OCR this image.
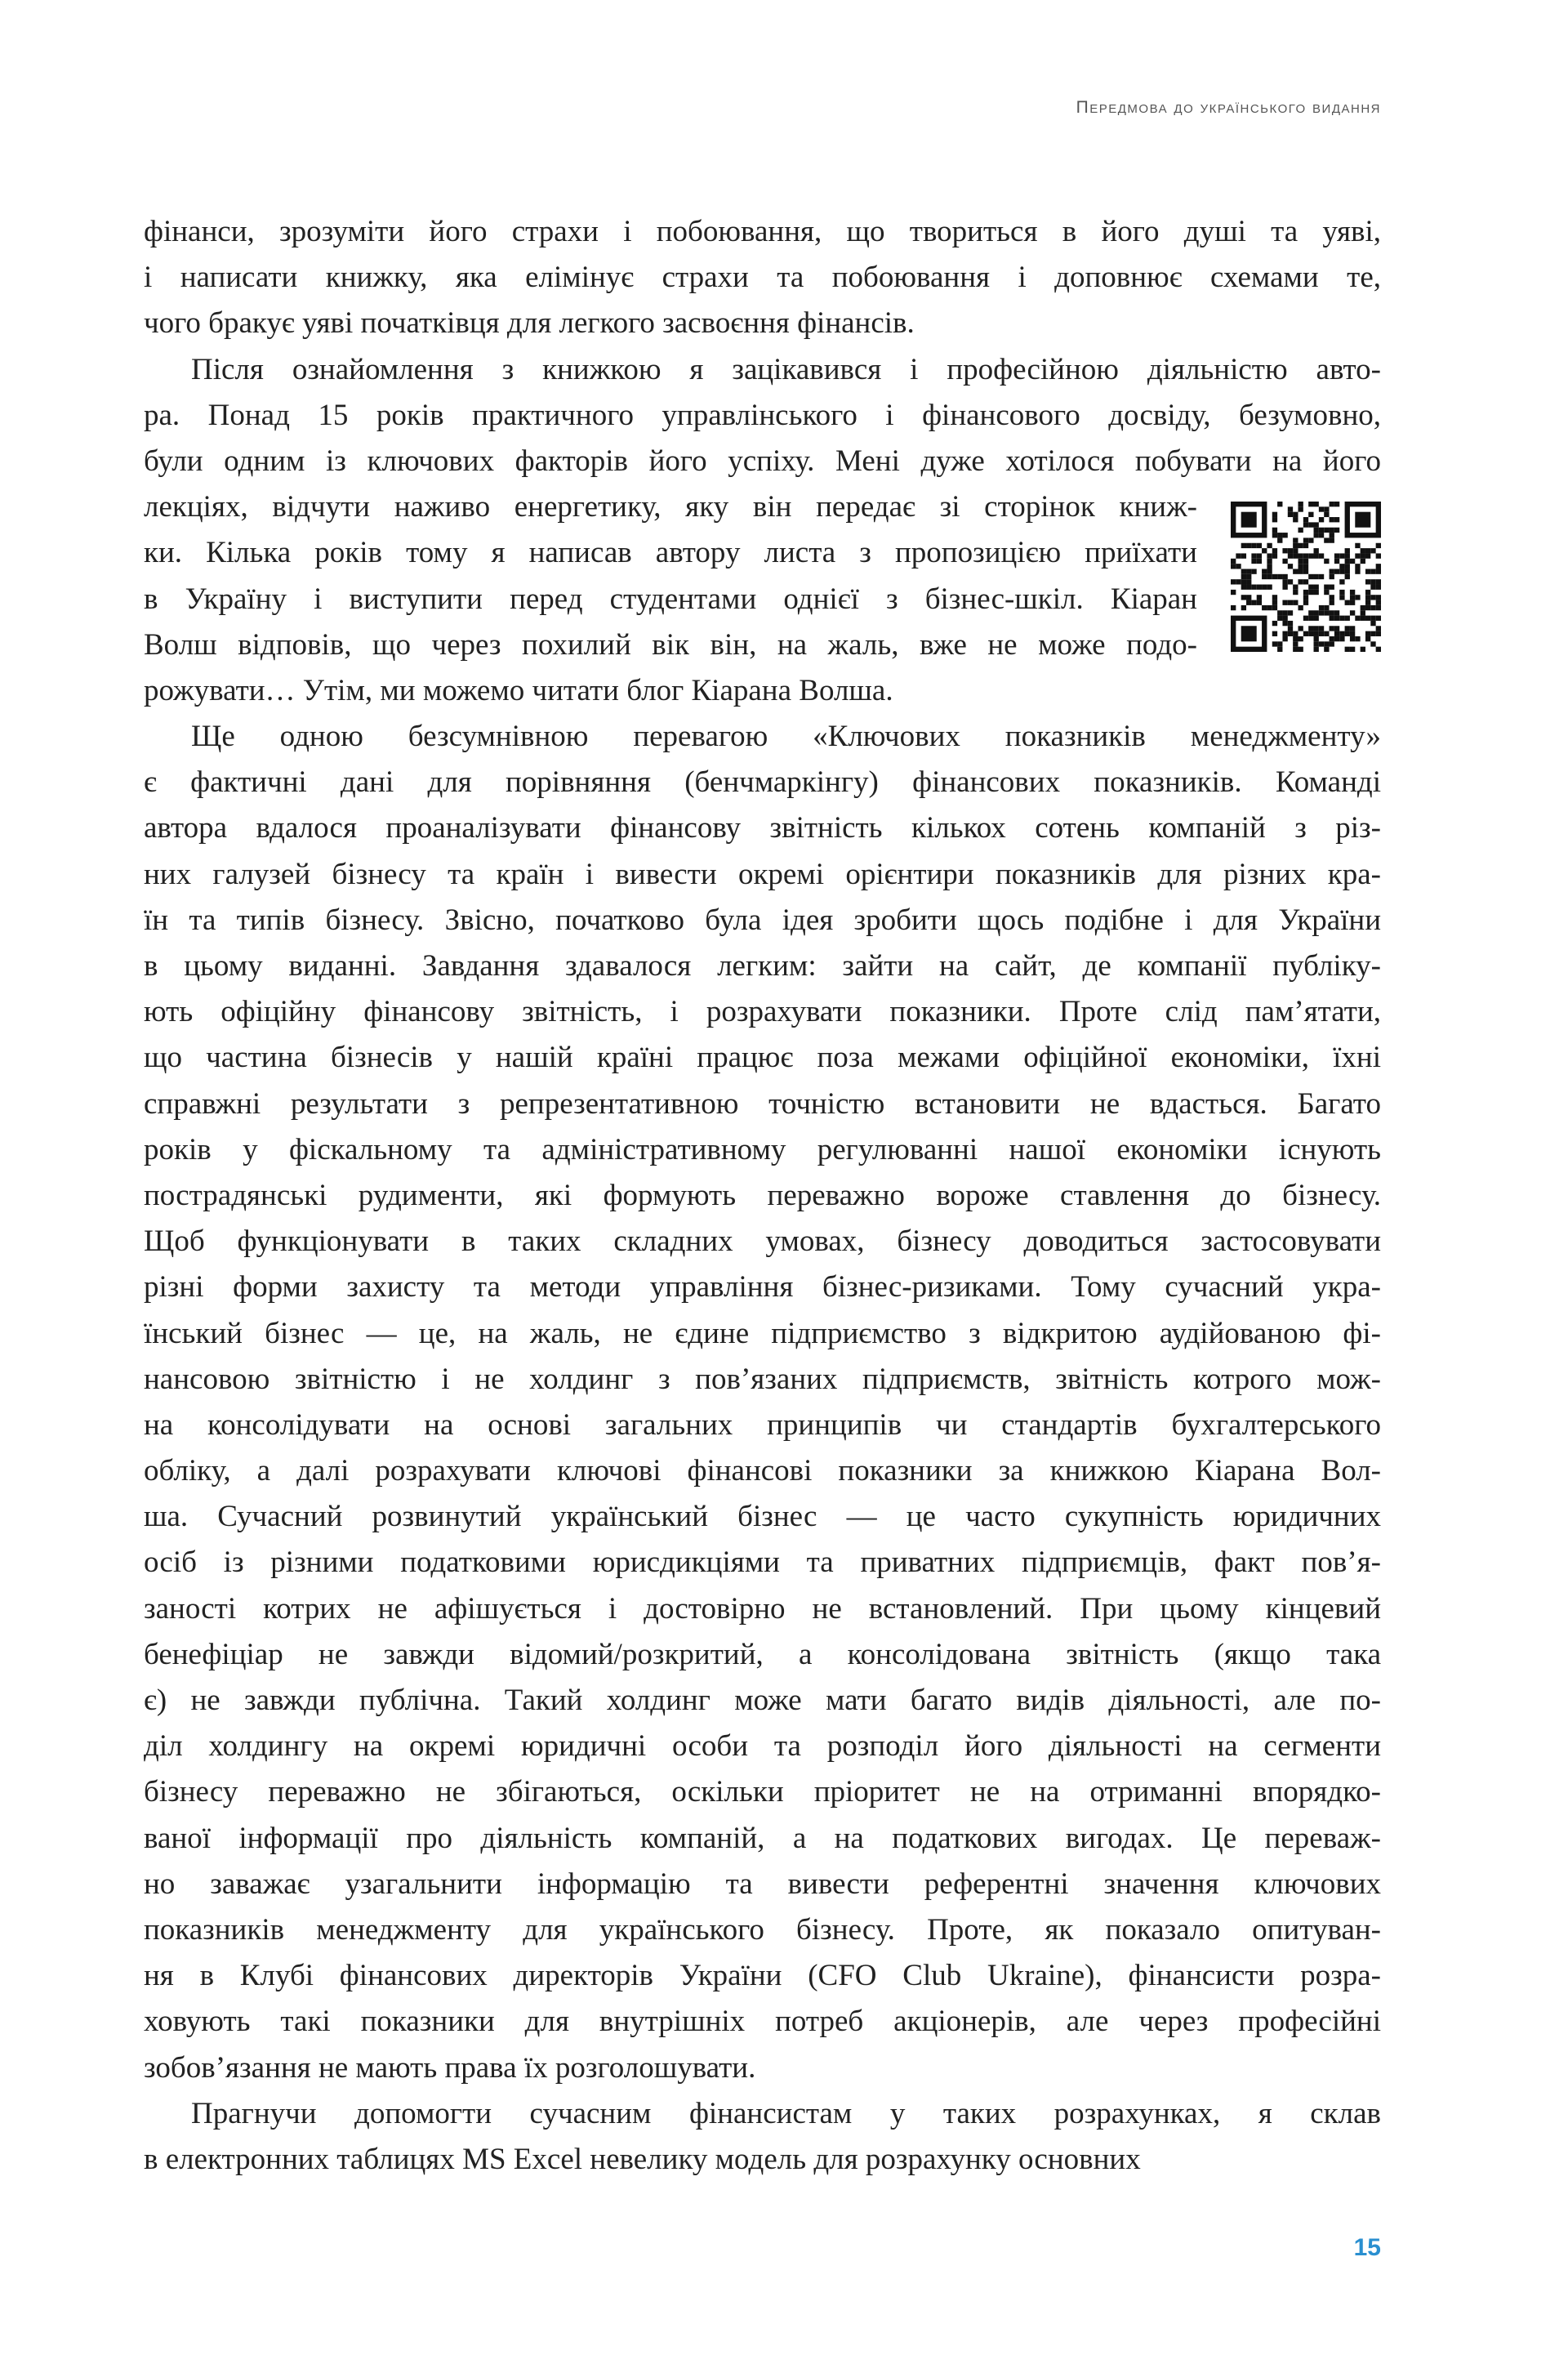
Передмова до українського видання
фінанси, зрозуміти його страхи і побоювання, що твориться в його душі та уяві,
і написати книжку, яка елімінує страхи та побоювання і доповнює схемами те,
чого бракує уяві початківця для легкого засвоєння фінансів.
Після ознайомлення з книжкою я зацікавився і професійною діяльністю авто-
ра. Понад 15 років практичного управлінського і фінансового досвіду, безумовно,
були одним із ключових факторів його успіху. Мені дуже хотілося побувати на його
лекціях, відчути наживо енергетику, яку він передає зі сторінок книж-
ки. Кілька років тому я написав автору листа з пропозицією приїхати
в Україну і виступити перед студентами однієї з бізнес-шкіл. Кіаран
Волш відповів, що через похилий вік він, на жаль, вже не може подо-
рожувати… Утім, ми можемо читати блог Кіарана Волша.
Ще одною безсумнівною перевагою «Ключових показників менеджменту»
є фактичні дані для порівняння (бенчмаркінгу) фінансових показників. Команді
автора вдалося проаналізувати фінансову звітність кількох сотень компаній з різ-
них галузей бізнесу та країн і вивести окремі орієнтири показників для різних кра-
їн та типів бізнесу. Звісно, початково була ідея зробити щось подібне і для України
в цьому виданні. Завдання здавалося легким: зайти на сайт, де компанії публіку-
ють офіційну фінансову звітність, і розрахувати показники. Проте слід пам’ятати,
що частина бізнесів у нашій країні працює поза межами офіційної економіки, їхні
справжні результати з репрезентативною точністю встановити не вдасться. Багато
років у фіскальному та адміністративному регулюванні нашої економіки існують
пострадянські рудименти, які формують переважно вороже ставлення до бізнесу.
Щоб функціонувати в таких складних умовах, бізнесу доводиться застосовувати
різні форми захисту та методи управління бізнес-ризиками. Тому сучасний укра-
їнський бізнес — це, на жаль, не єдине підприємство з відкритою аудійованою фі-
нансовою звітністю і не холдинг з пов’язаних підприємств, звітність котрого мож-
на консолідувати на основі загальних принципів чи стандартів бухгалтерського
обліку, а далі розрахувати ключові фінансові показники за книжкою Кіарана Вол-
ша. Сучасний розвинутий український бізнес — це часто сукупність юридичних
осіб із різними податковими юрисдикціями та приватних підприємців, факт пов’я-
заності котрих не афішується і достовірно не встановлений. При цьому кінцевий
бенефіціар не завжди відомий/розкритий, а консолідована звітність (якщо така
є) не завжди публічна. Такий холдинг може мати багато видів діяльності, але по-
діл холдингу на окремі юридичні особи та розподіл його діяльності на сегменти
бізнесу переважно не збігаються, оскільки пріоритет не на отриманні впорядко-
ваної інформації про діяльність компаній, а на податкових вигодах. Це переваж-
но заважає узагальнити інформацію та вивести референтні значення ключових
показників менеджменту для українського бізнесу. Проте, як показало опитуван-
ня в Клубі фінансових директорів України (CFO Club Ukraine), фінансисти розра-
ховують такі показники для внутрішніх потреб акціонерів, але через професійні
зобов’язання не мають права їх розголошувати.
Прагнучи допомогти сучасним фінансистам у таких розрахунках, я склав
в електронних таблицях MS Excel невелику модель для розрахунку основних
15
